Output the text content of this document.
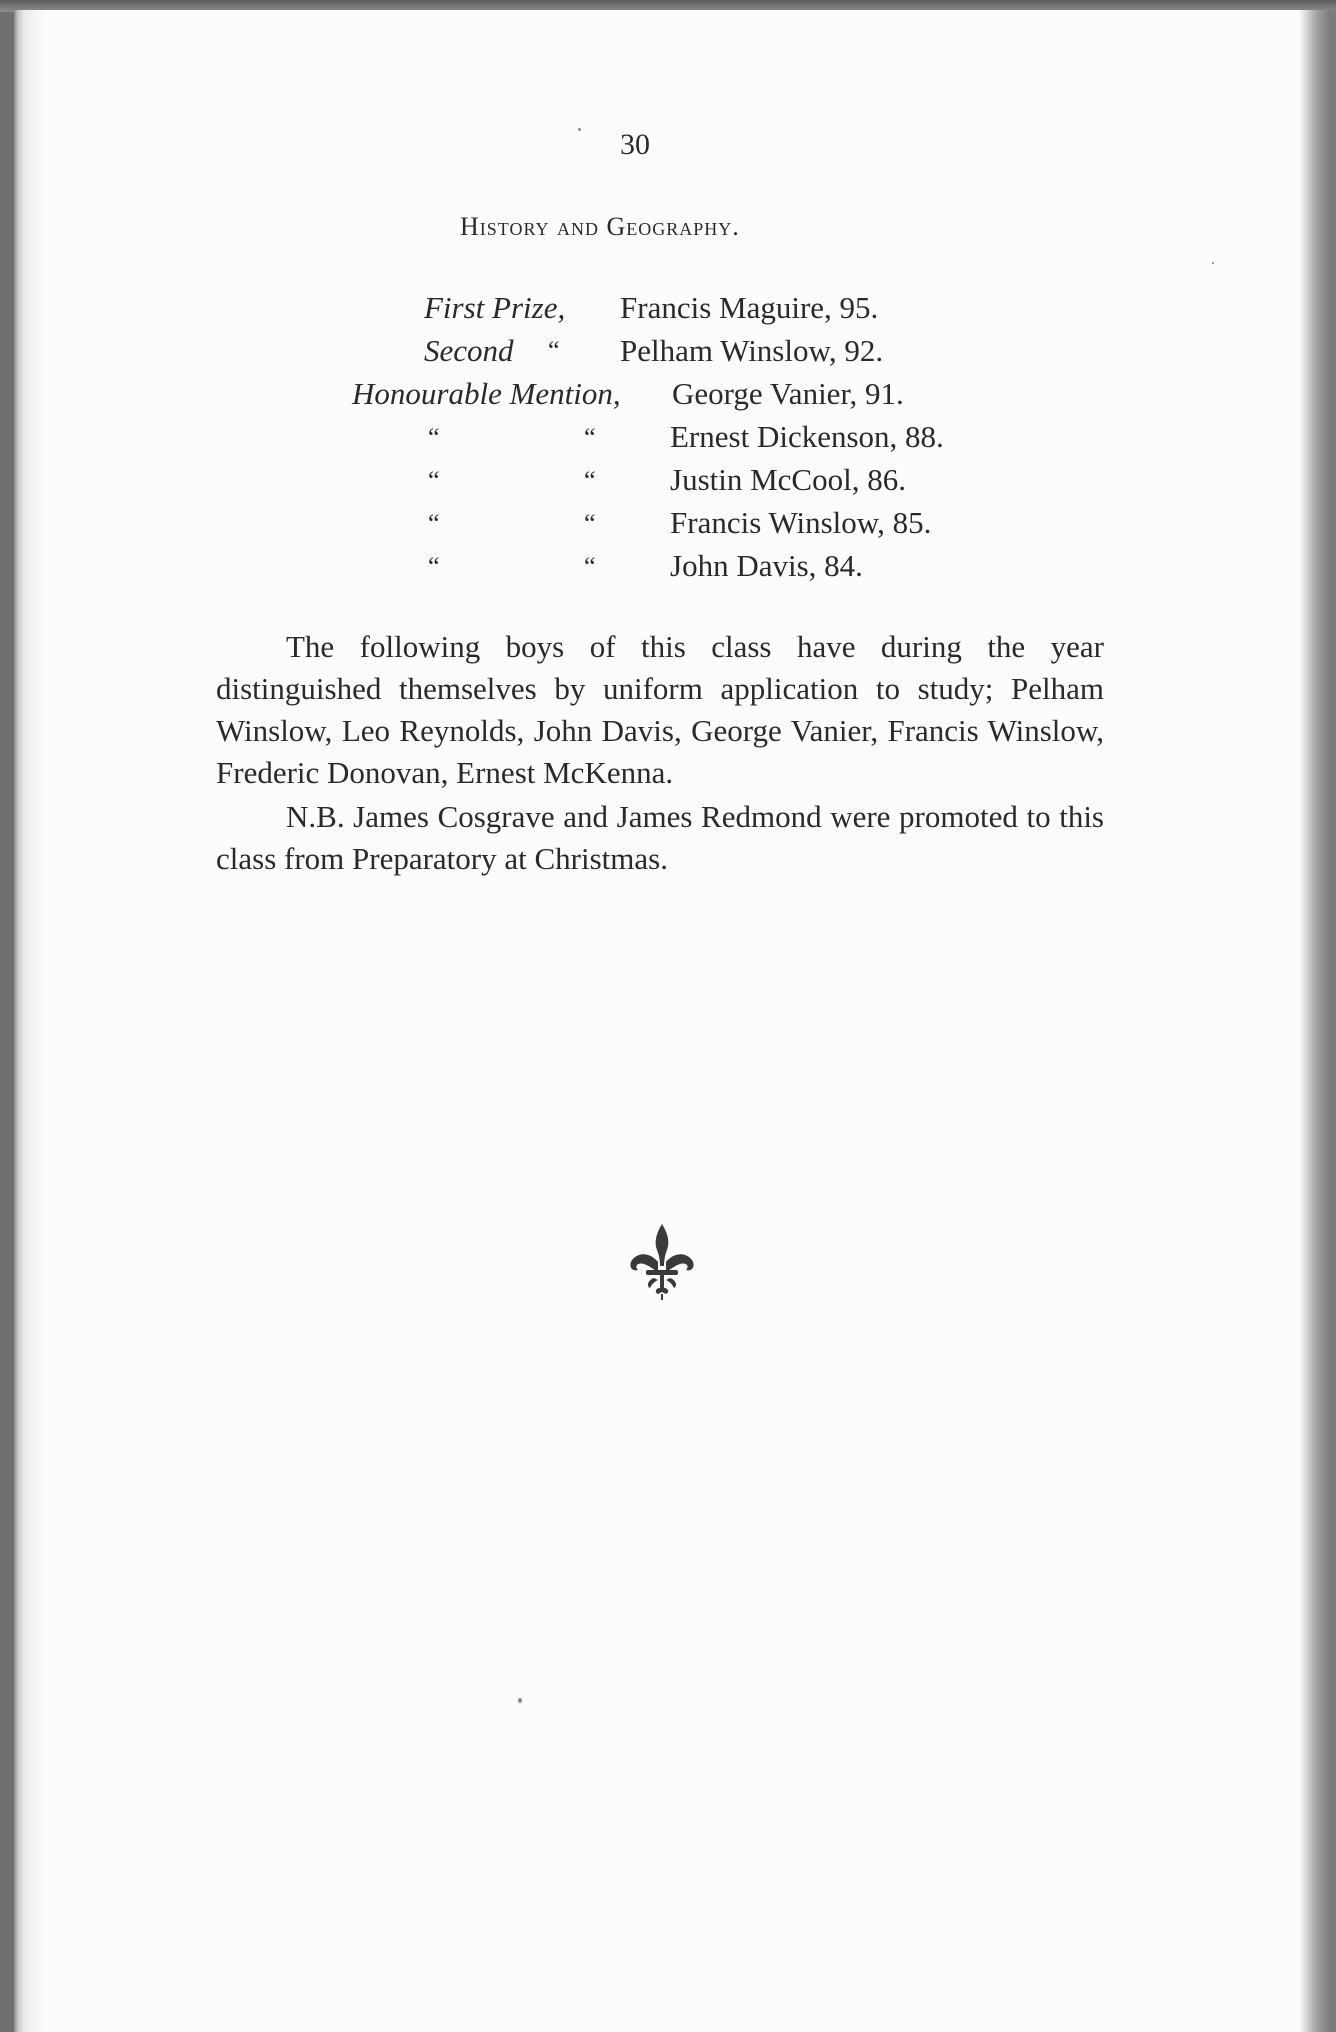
30
History and Geography.
First Prize, Francis Maguire, 95.
Second “ Pelham Winslow, 92.
Honourable Mention, George Vanier, 91.
“	“ Ernest Dickenson, 88.
“	“ Justin McCool, 86.
“	“ Francis Winslow, 85.
“	“ John Davis, 84.
The following boys of this class have during the year distinguished themselves by uniform application to study; Pelham Winslow, Leo Reynolds, John Davis, George Vanier, Francis Winslow, Frederic Donovan, Ernest McKenna.
N.B. James Cosgrave and James Redmond were promoted to this class from Preparatory at Christmas.
